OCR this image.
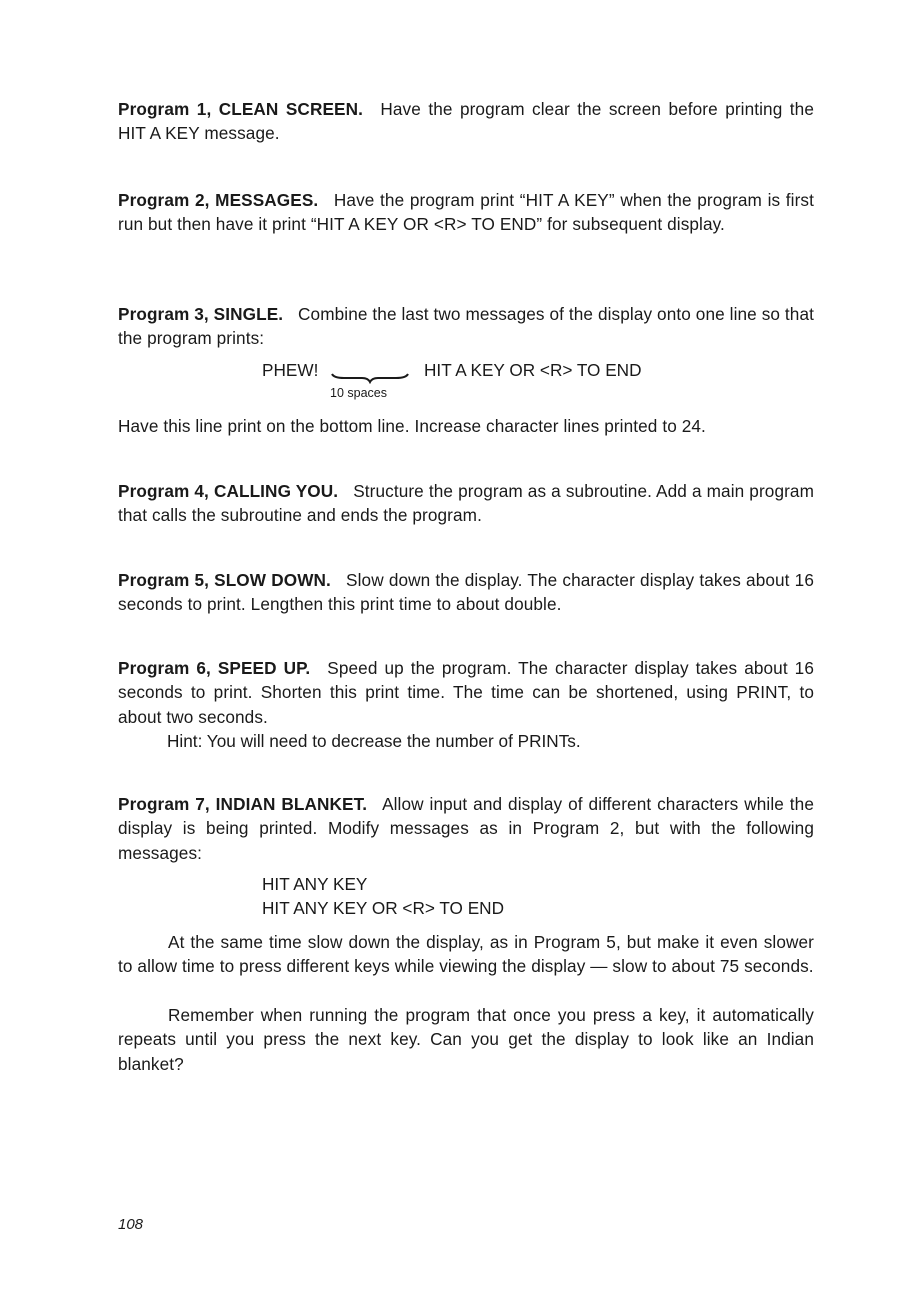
Program 1, CLEAN SCREEN. Have the program clear the screen before printing the HIT A KEY message.

Program 2, MESSAGES. Have the program print “HIT A KEY” when the program is first run but then have it print “HIT A KEY OR <R> TO END” for subsequent display.

Program 3, SINGLE. Combine the last two messages of the display onto one line so that the program prints:

PHEW!
10 spaces
HIT A KEY OR <R> TO END

Have this line print on the bottom line. Increase character lines printed to 24.

Program 4, CALLING YOU. Structure the program as a subroutine. Add a main program that calls the subroutine and ends the program.

Program 5, SLOW DOWN. Slow down the display. The character display takes about 16 seconds to print. Lengthen this print time to about double.

Program 6, SPEED UP. Speed up the program. The character display takes about 16 seconds to print. Shorten this print time. The time can be shortened, using PRINT, to about two seconds.

Hint: You will need to decrease the number of PRINTs.

Program 7, INDIAN BLANKET. Allow input and display of different characters while the display is being printed. Modify messages as in Program 2, but with the following messages:

HIT ANY KEY
HIT ANY KEY OR <R> TO END

At the same time slow down the display, as in Program 5, but make it even slower to allow time to press different keys while viewing the display — slow to about 75 seconds.

Remember when running the program that once you press a key, it automatically repeats until you press the next key. Can you get the display to look like an Indian blanket?

108
